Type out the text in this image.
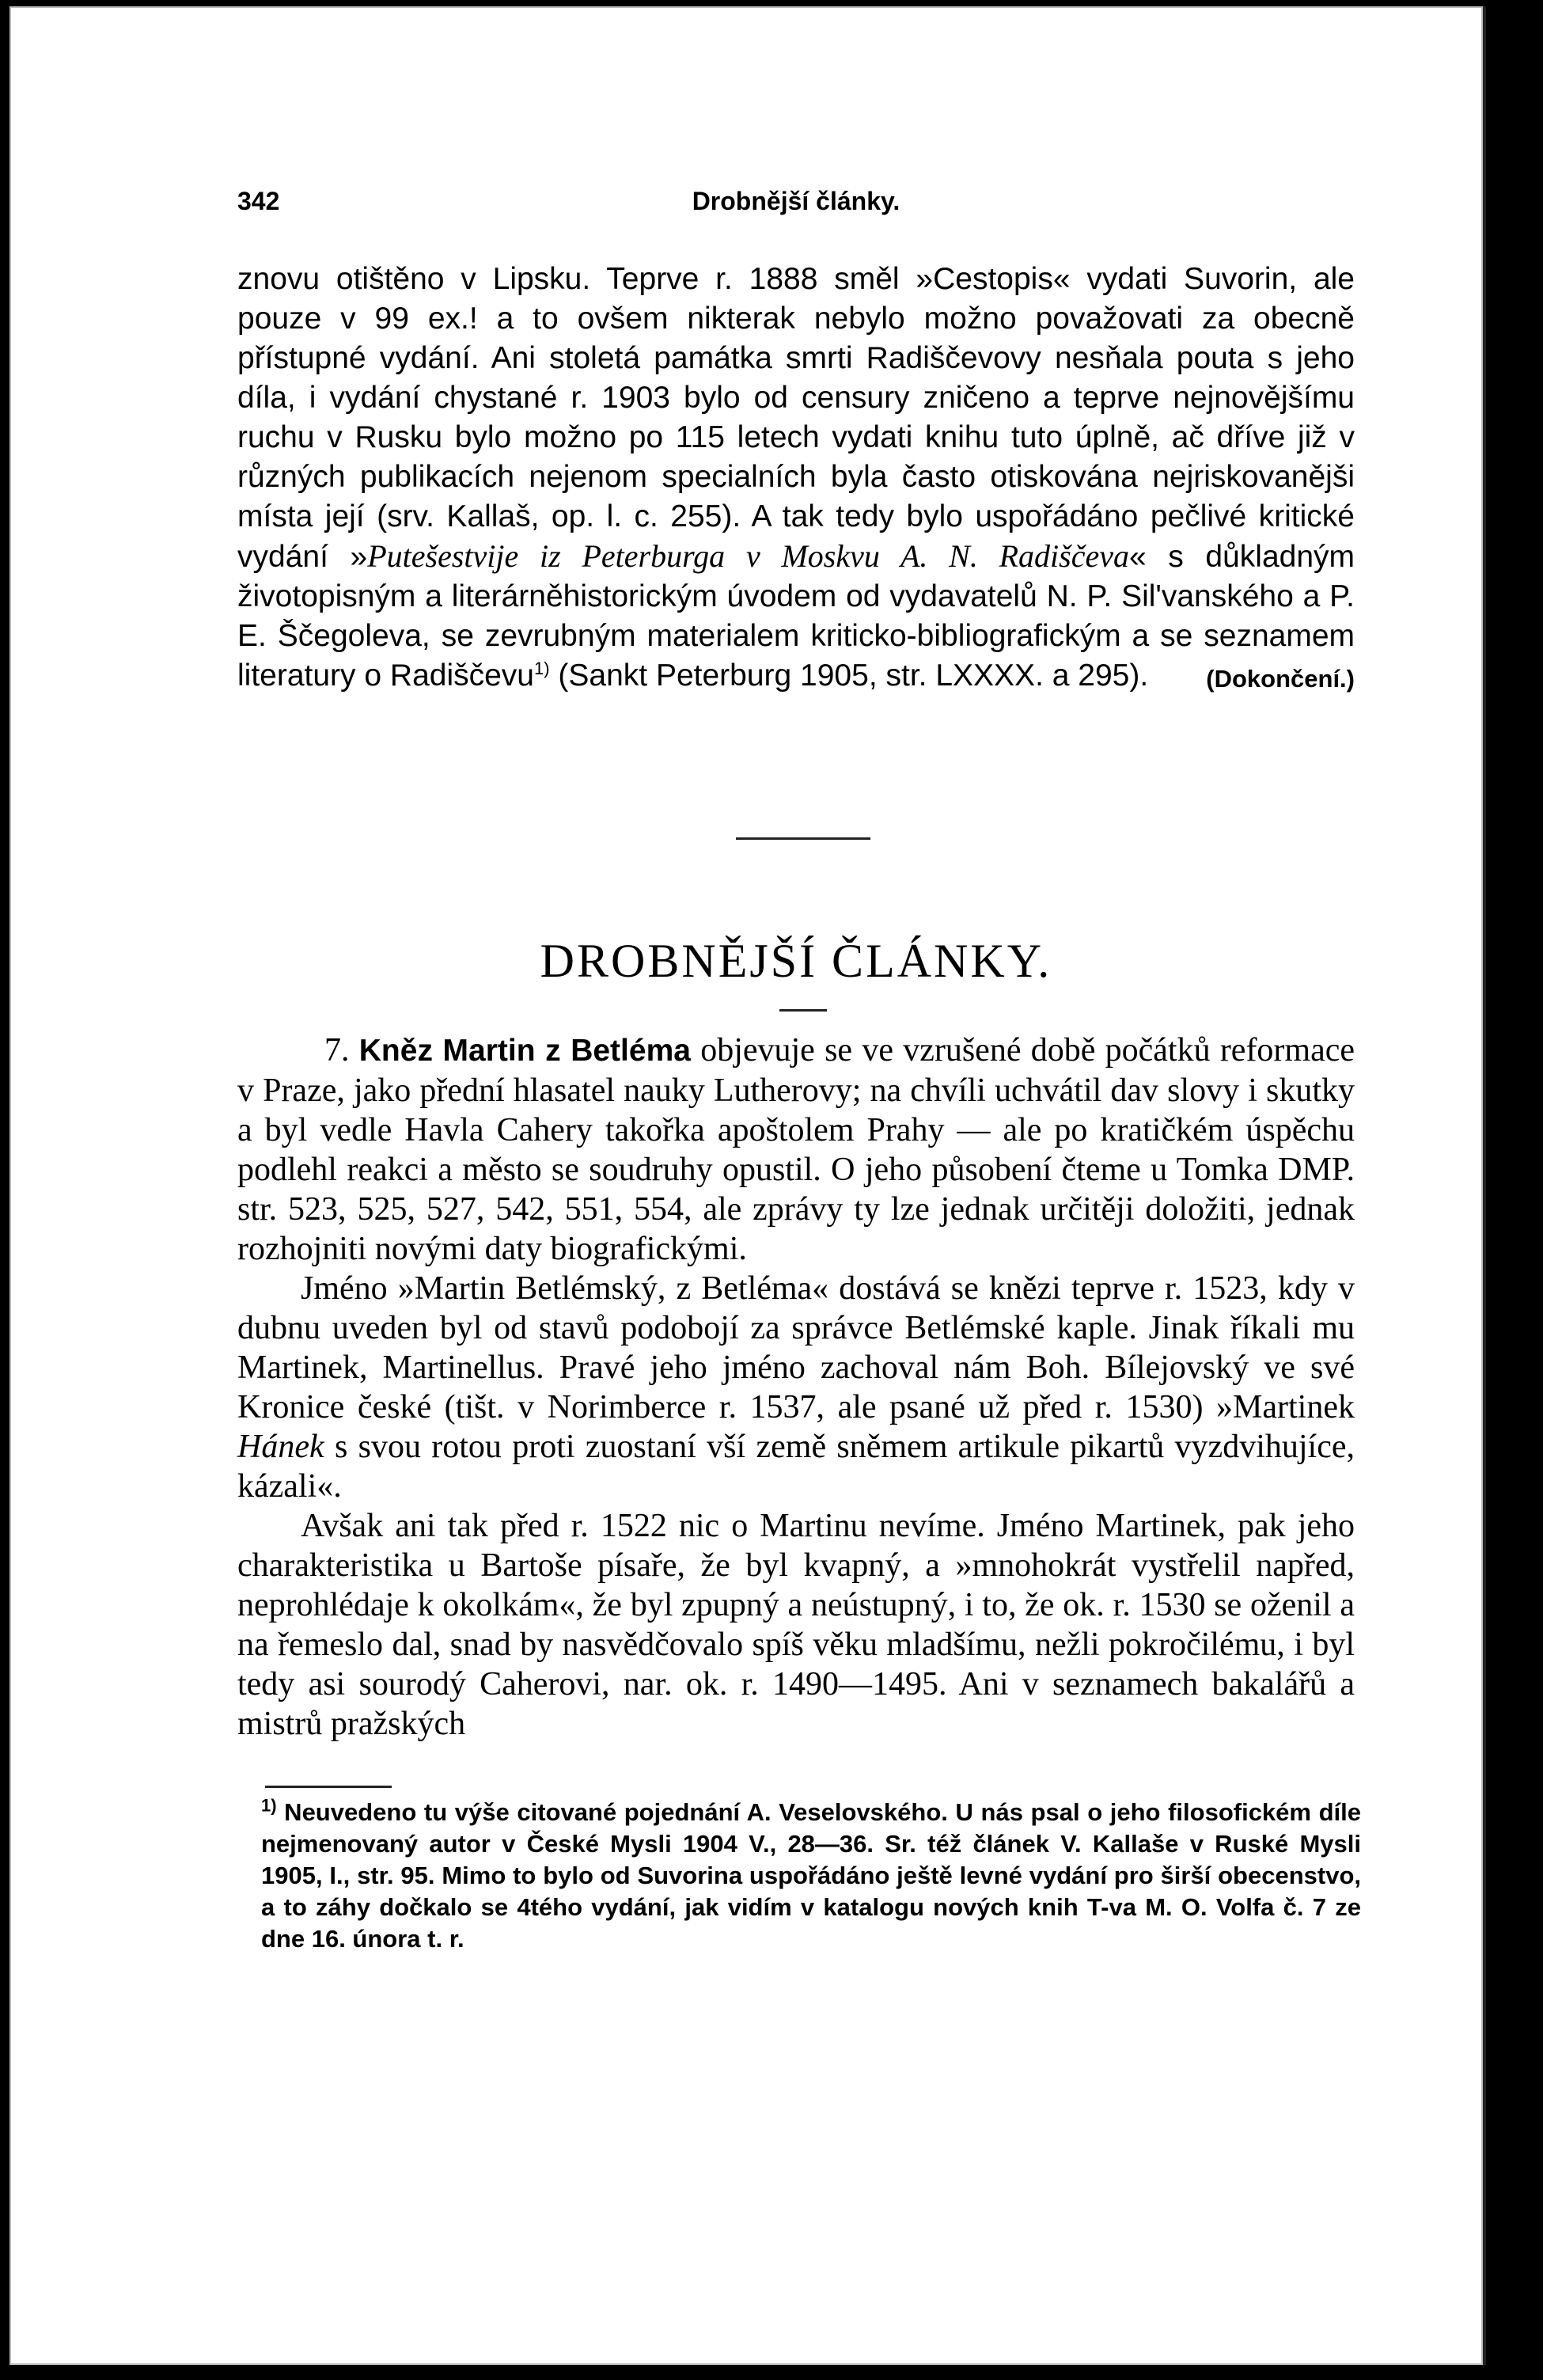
342	Drobnější články.

znovu otištěno v Lipsku. Teprve r. 1888 směl »Cestopis« vydati Suvorin, ale pouze v 99 ex.! a to ovšem nikterak nebylo možno považovati za obecně přístupné vydání. Ani stoletá památka smrti Radiščevovy nesňala pouta s jeho díla, i vydání chystané r. 1903 bylo od censury zničeno a teprve nejnovějšímu ruchu v Rusku bylo možno po 115 letech vydati knihu tuto úplně, ač dříve již v různých publikacích nejenom specialních byla často otiskována nejriskovanějši místa její (srv. Kallaš, op. l. c. 255). A tak tedy bylo uspořádáno pečlivé kritické vydání »Putešestvije iz Peterburga v Moskvu A. N. Radiščeva« s důkladným životopisným a literárněhistorickým úvodem od vydavatelů N. P. Sil'vanského a P. E. Ščegoleva, se zevrubným materialem kriticko-bibliografickým a se seznamem literatury o Radiščevu$^{1)}$ (Sankt Peterburg 1905, str. LXXXX. a 295). (Dokončení.)

DROBNĚJŠÍ ČLÁNKY.

7. Kněz Martin z Betléma objevuje se ve vzrušené době počátků reformace v Praze, jako přední hlasatel nauky Lutherovy; na chvíli uchvátil dav slovy i skutky a byl vedle Havla Cahery takořka apoštolem Prahy — ale po kratičkém úspěchu podlehl reakci a město se soudruhy opustil. O jeho působení čteme u Tomka DMP. str. 523, 525, 527, 542, 551, 554, ale zprávy ty lze jednak určitěji doložiti, jednak rozhojniti novými daty biografickými.

Jméno »Martin Betlémský, z Betléma« dostává se knězi teprve r. 1523, kdy v dubnu uveden byl od stavů podobojí za správce Betlémské kaple. Jinak říkali mu Martinek, Martinellus. Pravé jeho jméno zachoval nám Boh. Bílejovský ve své Kronice české (tišt. v Norimberce r. 1537, ale psané už před r. 1530) »Martinek Hánek s svou rotou proti zuostaní vší země sněmem artikule pikartů vyzdvihujíce, kázali«.

Avšak ani tak před r. 1522 nic o Martinu nevíme. Jméno Martinek, pak jeho charakteristika u Bartoše písaře, že byl kvapný, a »mnohokrát vystřelil napřed, neprohlédaje k okolkám«, že byl zpupný a neústupný, i to, že ok. r. 1530 se oženil a na řemeslo dal, snad by nasvědčovalo spíš věku mladšímu, nežli pokročilému, i byl tedy asi sourodý Caherovi, nar. ok. r. 1490—1495. Ani v seznamech bakalářů a mistrů pražských

$^{1)}$ Neuvedeno tu výše citované pojednání A. Veselovského. U nás psal o jeho filosofickém díle nejmenovaný autor v České Mysli 1904 V., 28—36. Sr. též článek V. Kallaše v Ruské Mysli 1905, I., str. 95. Mimo to bylo od Suvorina uspořádáno ještě levné vydání pro širší obecenstvo, a to záhy dočkalo se 4tého vydání, jak vidím v katalogu nových knih T-va M. O. Volfa č. 7 ze dne 16. února t. r.
